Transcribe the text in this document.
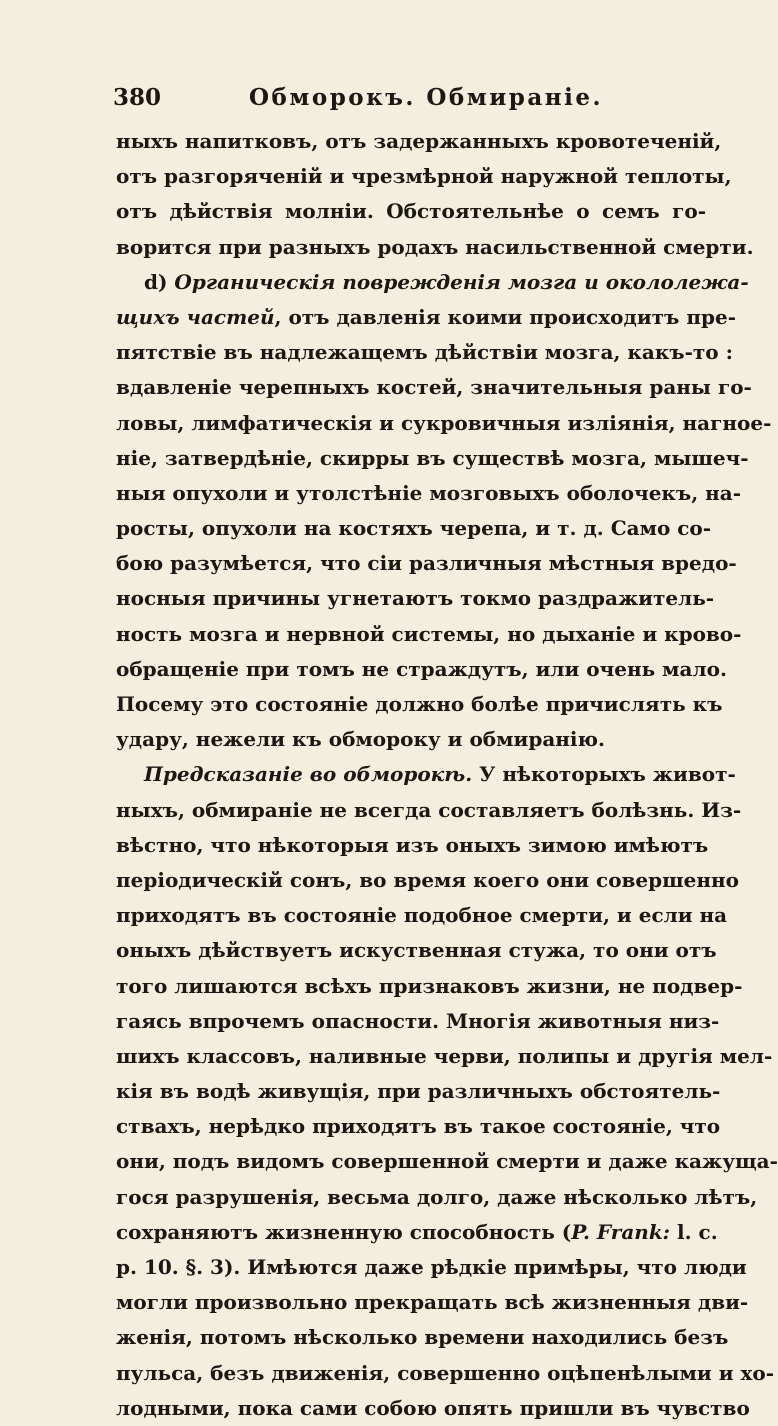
380	Обморокъ. Обмираніе.
ныхъ напитковъ, отъ задержанныхъ кровотеченій,
отъ разгоряченій и чрезмѣрной наружной теплоты,
отъ дѣйствія молніи. Обстоятельнѣе о семъ го-
ворится при разныхъ родахъ насильственной смерти.
d) Органическія поврежденія мозга и окололежа-
щихъ частей, отъ давленія коими происходитъ пре-
пятствіе въ надлежащемъ дѣйствіи мозга, какъ-то :
вдавленіе черепныхъ костей, значительныя раны го-
ловы, лимфатическія и сукровичныя изліянія, нагное-
ніе, затвердѣніе, скирры въ существѣ мозга, мышеч-
ныя опухоли и утолстѣніе мозговыхъ оболочекъ, на-
росты, опухоли на костяхъ черепа, и т. д. Само со-
бою разумѣется, что сіи различныя мѣстныя вредо-
носныя причины угнетаютъ токмо раздражитель-
ность мозга и нервной системы, но дыханіе и крово-
обращеніе при томъ не страждутъ, или очень мало.
Посему это состояніе должно болѣе причислять къ
удару, нежели къ обмороку и обмиранію.
Предсказаніе во обморокѣ. У нѣкоторыхъ живот-
ныхъ, обмираніе не всегда составляетъ болѣзнь. Из-
вѣстно, что нѣкоторыя изъ оныхъ зимою имѣютъ
періодическій сонъ, во время коего они совершенно
приходятъ въ состояніе подобное смерти, и если на
оныхъ дѣйствуетъ искуственная стужа, то они отъ
того лишаются всѣхъ признаковъ жизни, не подвер-
гаясь впрочемъ опасности. Многія животныя низ-
шихъ классовъ, наливные черви, полипы и другія мел-
кія въ водѣ живущія, при различныхъ обстоятель-
ствахъ, нерѣдко приходятъ въ такое состояніе, что
они, подъ видомъ совершенной смерти и даже кажуща-
гося разрушенія, весьма долго, даже нѣсколько лѣтъ,
сохраняютъ жизненную способность (P. Frank: l. c.
p. 10. §. 3). Имѣются даже рѣдкіе примѣры, что люди
могли произвольно прекращать всѣ жизненныя дви-
женія, потомъ нѣсколько времени находились безъ
пульса, безъ движенія, совершенно оцѣпенѣлыми и хо-
лодными, пока сами собою опять пришли въ чувство
